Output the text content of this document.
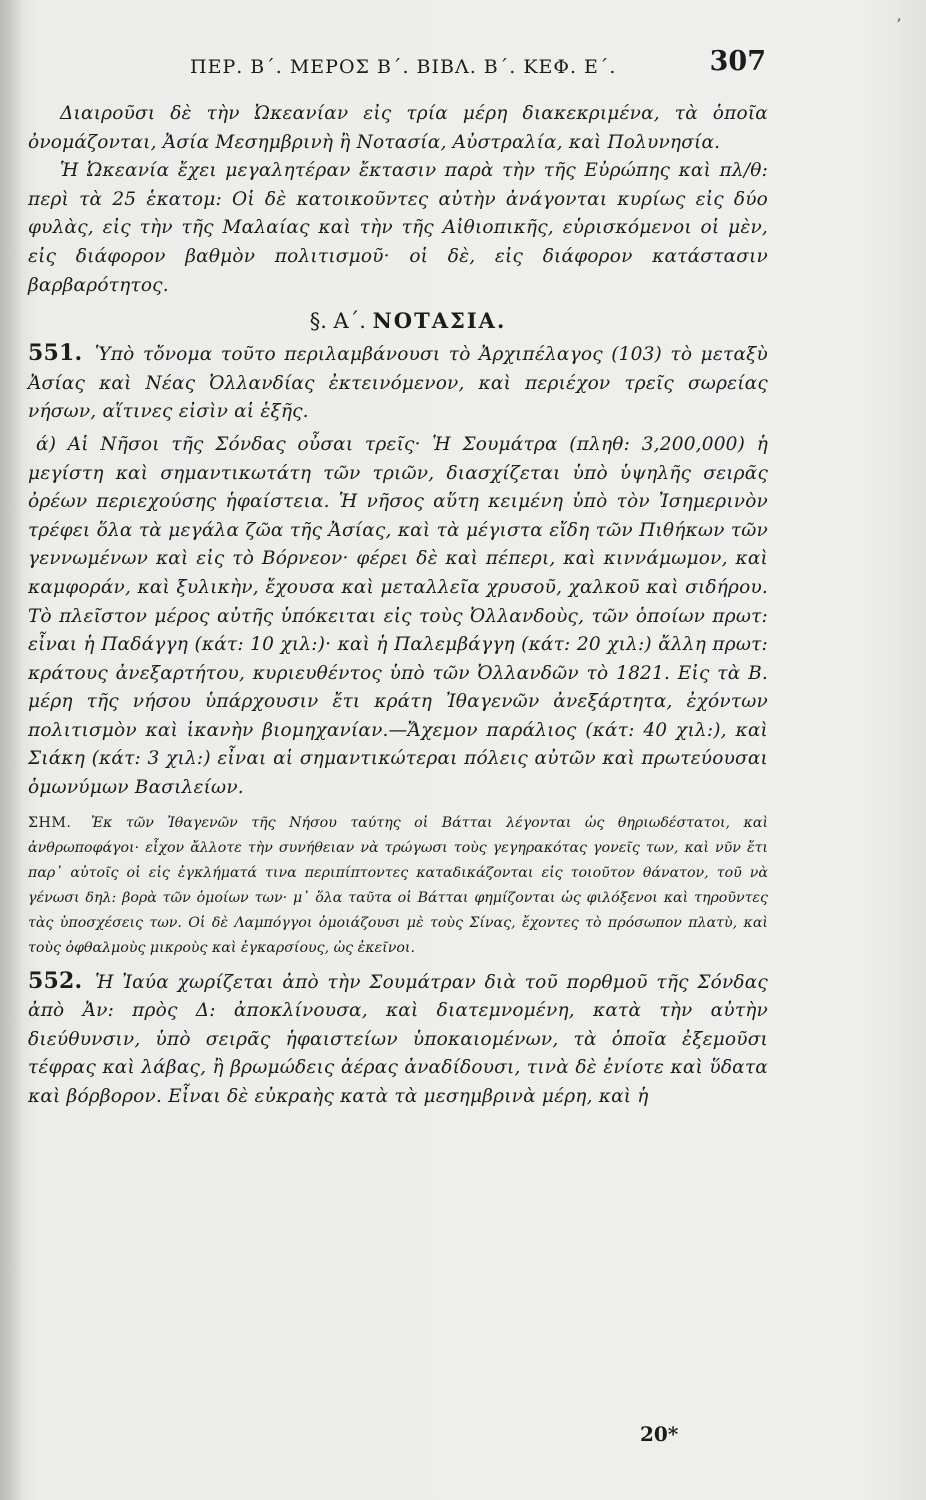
,
ΠΕΡ. Β΄. ΜΕΡΟΣ Β΄. ΒΙΒΛ. Β΄. ΚΕΦ. Ε΄.	307

Διαιροῦσι δὲ τὴν Ὠκεανίαν εἰς τρία μέρη διακεκριμένα, τὰ ὁποῖα ὀνομάζονται, Ἀσία Μεσημβρινὴ ἢ Νοτασία, Αὐστραλία, καὶ Πολυνησία.

Ἡ Ὠκεανία ἔχει μεγαλητέραν ἔκτασιν παρὰ τὴν τῆς Εὐρώπης καὶ πλ/θ: περὶ τὰ 25 ἑκατομ: Οἱ δὲ κατοικοῦντες αὐτὴν ἀνάγονται κυρίως εἰς δύο φυλὰς, εἰς τὴν τῆς Μαλαίας καὶ τὴν τῆς Αἰθιοπικῆς, εὑρισκόμενοι οἱ μὲν, εἰς διάφορον βαθμὸν πολιτισμοῦ· οἱ δὲ, εἰς διάφορον κατάστασιν βαρβαρότητος.

§. Α΄. ΝΟΤΑΣΙΑ.

551. Ὑπὸ τὄνομα τοῦτο περιλαμβάνουσι τὸ Ἀρχιπέλαγος (103) τὸ μεταξὺ Ἀσίας καὶ Νέας Ὀλλανδίας ἐκτεινόμενον, καὶ περιέχον τρεῖς σωρείας νήσων, αἵτινες εἰσὶν αἱ ἑξῆς.

ά) Αἱ Νῆσοι τῆς Σόνδας οὖσαι τρεῖς· Ἡ Σουμάτρα (πληθ: 3,200,000) ἡ μεγίστη καὶ σημαντικωτάτη τῶν τριῶν, διασχίζεται ὑπὸ ὑψηλῆς σειρᾶς ὀρέων περιεχούσης ἡφαίστεια. Ἡ νῆσος αὕτη κειμένη ὑπὸ τὸν Ἰσημερινὸν τρέφει ὅλα τὰ μεγάλα ζῶα τῆς Ἀσίας, καὶ τὰ μέγιστα εἴδη τῶν Πιθήκων τῶν γεννωμένων καὶ εἰς τὸ Βόρνεον· φέρει δὲ καὶ πέπερι, καὶ κιννάμωμον, καὶ καμφοράν, καὶ ξυλικὴν, ἔχουσα καὶ μεταλλεῖα χρυσοῦ, χαλκοῦ καὶ σιδήρου. Τὸ πλεῖστον μέρος αὐτῆς ὑπόκειται εἰς τοὺς Ὀλλανδοὺς, τῶν ὁποίων πρωτ: εἶναι ἡ Παδάγγη (κάτ: 10 χιλ:)· καὶ ἡ Παλεμβάγγη (κάτ: 20 χιλ:) ἄλλη πρωτ: κράτους ἀνεξαρτήτου, κυριευθέντος ὑπὸ τῶν Ὀλλανδῶν τὸ 1821. Εἰς τὰ Β. μέρη τῆς νήσου ὑπάρχουσιν ἔτι κράτη Ἰθαγενῶν ἀνεξάρτητα, ἐχόντων πολιτισμὸν καὶ ἱκανὴν βιομηχανίαν.—Ἄχεμον παράλιος (κάτ: 40 χιλ:), καὶ Σιάκη (κάτ: 3 χιλ:) εἶναι αἱ σημαντικώτεραι πόλεις αὐτῶν καὶ πρωτεύουσαι ὁμωνύμων Βασιλείων.

ΣΗΜ. Ἐκ τῶν Ἰθαγενῶν τῆς Νήσου ταύτης οἱ Βάτται λέγονται ὡς θηριωδέστατοι, καὶ ἀνθρωποφάγοι· εἶχον ἄλλοτε τὴν συνήθειαν νὰ τρώγωσι τοὺς γεγηρακότας γονεῖς των, καὶ νῦν ἔτι παρ᾽ αὐτοῖς οἱ εἰς ἐγκλήματά τινα περιπίπτοντες καταδικάζονται εἰς τοιοῦτον θάνατον, τοῦ νὰ γένωσι δηλ: βορὰ τῶν ὁμοίων των· μ᾽ ὅλα ταῦτα οἱ Βάτται φημίζονται ὡς φιλόξενοι καὶ τηροῦντες τὰς ὑποσχέσεις των. Οἱ δὲ Λαμπόγγοι ὁμοιάζουσι μὲ τοὺς Σίνας, ἔχοντες τὸ πρόσωπον πλατὺ, καὶ τοὺς ὀφθαλμοὺς μικροὺς καὶ ἐγκαρσίους, ὡς ἐκεῖνοι.

552. Ἡ Ἰαύα χωρίζεται ἀπὸ τὴν Σουμάτραν διὰ τοῦ πορθμοῦ τῆς Σόνδας ἀπὸ Ἀν: πρὸς Δ: ἀποκλίνουσα, καὶ διατεμνομένη, κατὰ τὴν αὐτὴν διεύθυνσιν, ὑπὸ σειρᾶς ἡφαιστείων ὑποκαιομένων, τὰ ὁποῖα ἐξεμοῦσι τέφρας καὶ λάβας, ἢ βρωμώδεις ἀέρας ἀναδίδουσι, τινὰ δὲ ἐνίοτε καὶ ὕδατα καὶ βόρβορον. Εἶναι δὲ εὐκραὴς κατὰ τὰ μεσημβρινὰ μέρη, καὶ ἡ

20*
